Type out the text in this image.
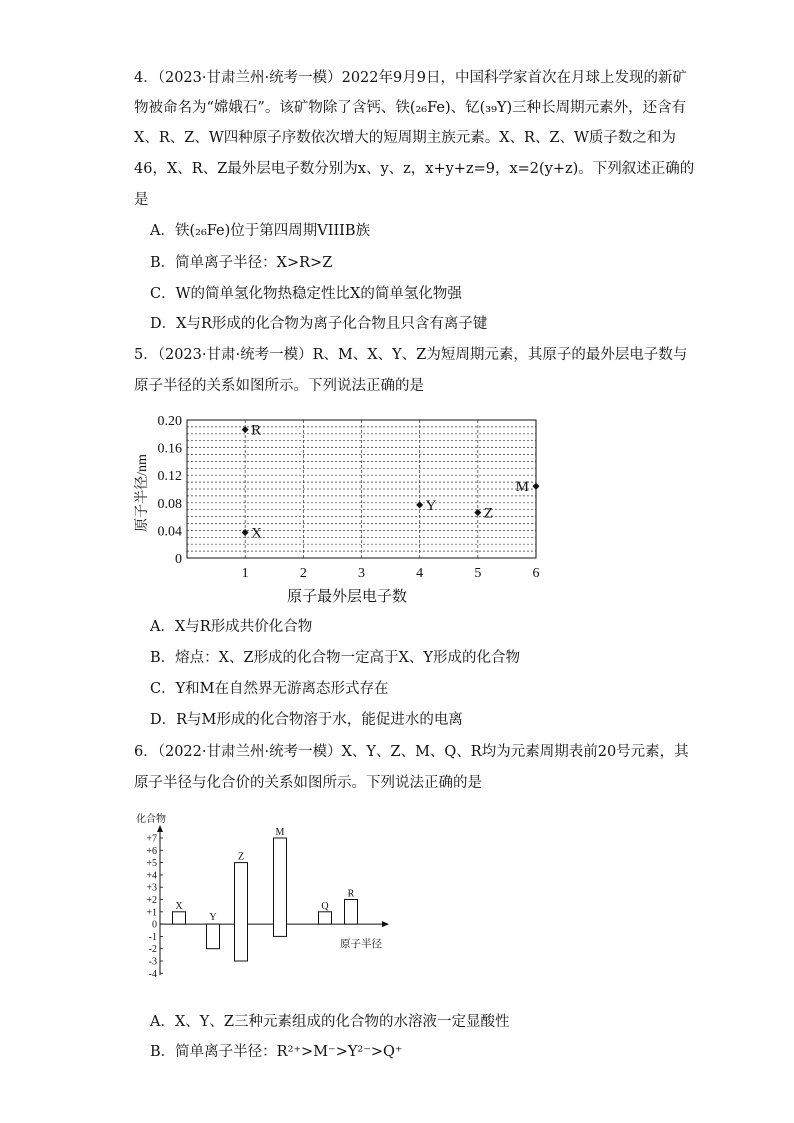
4．（2023·甘肃兰州·统考一模）2022年9月9日，中国科学家首次在月球上发现的新矿
物被命名为“嫦娥石”。该矿物除了含钙、铁(₂₆Fe)、钇(₃₉Y)三种长周期元素外，还含有
X、R、Z、W四种原子序数依次增大的短周期主族元素。X、R、Z、W质子数之和为
46，X、R、Z最外层电子数分别为x、y、z，x+y+z=9，x=2(y+z)。下列叙述正确的
是
A．铁(₂₆Fe)位于第四周期VIIIB族
B．简单离子半径：X>R>Z
C．W的简单氢化物热稳定性比X的简单氢化物强
D．X与R形成的化合物为离子化合物且只含有离子键
5．（2023·甘肃·统考一模）R、M、X、Y、Z为短周期元素，其原子的最外层电子数与
原子半径的关系如图所示。下列说法正确的是
0
0.04
0.08
0.12
0.16
0.20
1	2	3	4	5	6
R
X
Y	Z
M
原子半径/nm
原子最外层电子数
A．X与R形成共价化合物
B．熔点：X、Z形成的化合物一定高于X、Y形成的化合物
C．Y和M在自然界无游离态形式存在
D．R与M形成的化合物溶于水，能促进水的电离
6．（2022·甘肃兰州·统考一模）X、Y、Z、M、Q、R均为元素周期表前20号元素，其
原子半径与化合价的关系如图所示。下列说法正确的是
+7
+6
+5
+4
+3
+2
+1
0
-1
-2
-3
-4
X
Y
Z
M
Q
R
化合物
原子半径
A．X、Y、Z三种元素组成的化合物的水溶液一定显酸性
B．简单离子半径：R²⁺>M⁻>Y²⁻>Q⁺
